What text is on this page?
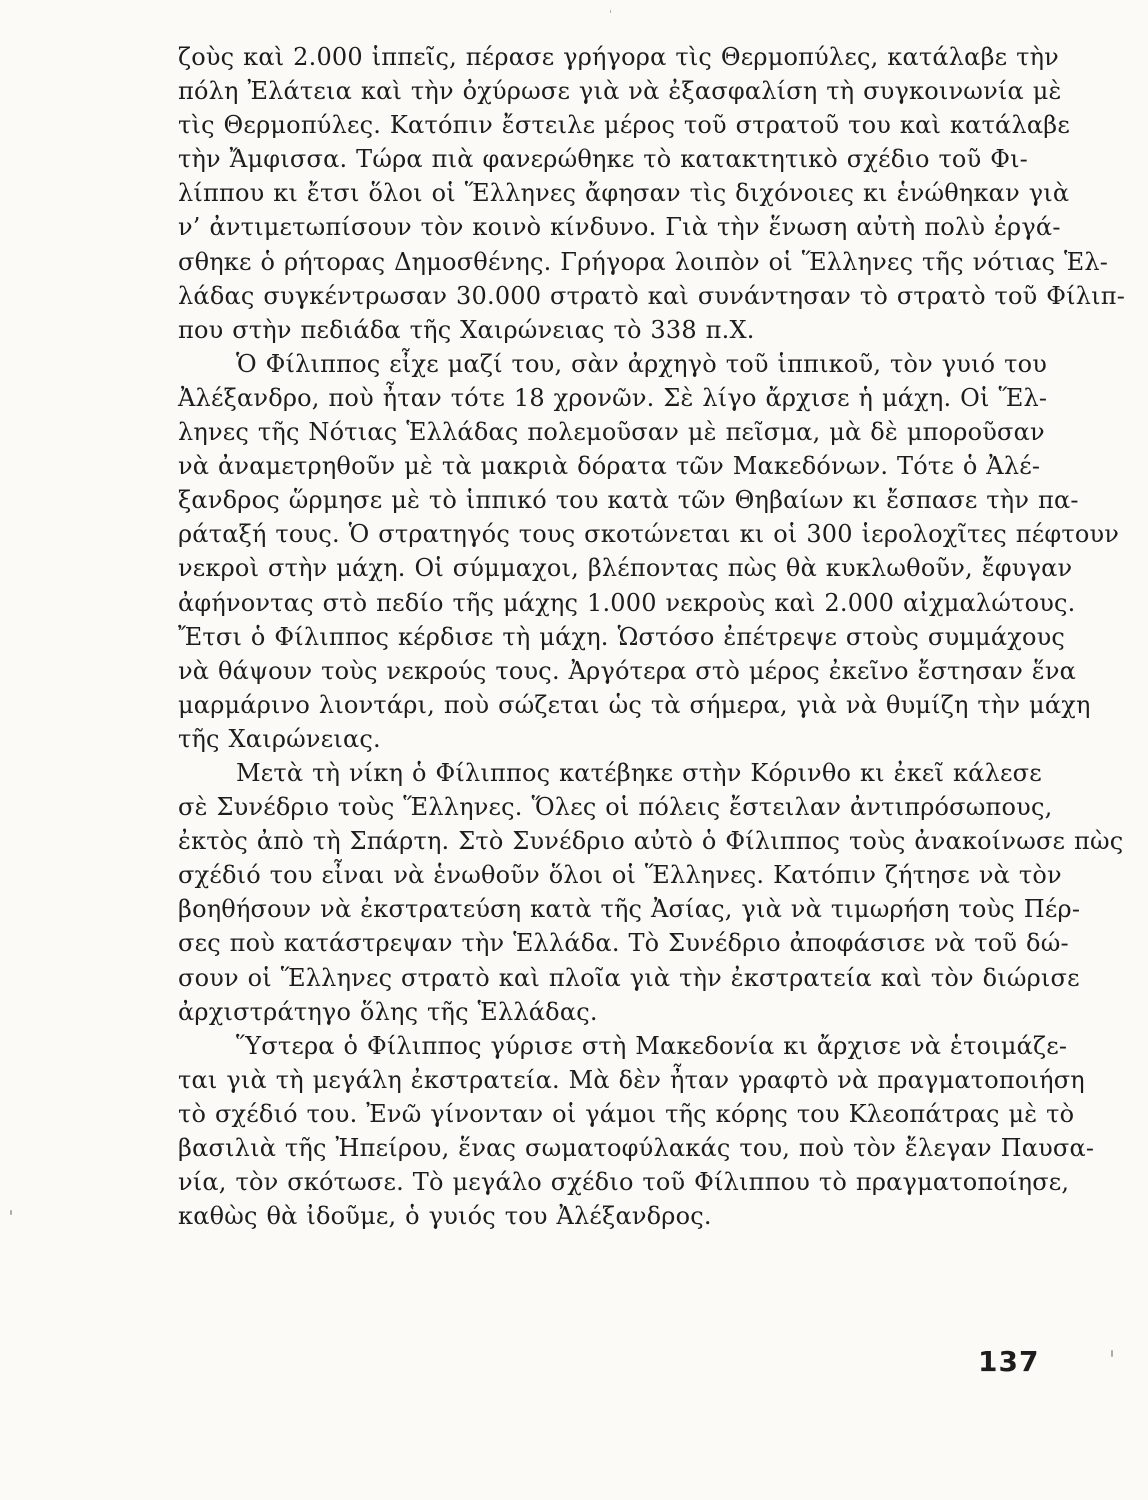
ζοὺς καὶ 2.000 ἱππεῖς, πέρασε γρήγορα τὶς Θερμοπύλες, κατάλαβε τὴν
πόλη Ἐλάτεια καὶ τὴν ὀχύρωσε γιὰ νὰ ἐξασφαλίση τὴ συγκοινωνία μὲ
τὶς Θερμοπύλες. Κατόπιν ἔστειλε μέρος τοῦ στρατοῦ του καὶ κατάλαβε
τὴν Ἄμφισσα. Τώρα πιὰ φανερώθηκε τὸ κατακτητικὸ σχέδιο τοῦ Φι-
λίππου κι ἔτσι ὅλοι οἱ Ἕλληνες ἄφησαν τὶς διχόνοιες κι ἑνώθηκαν γιὰ
ν’ ἀντιμετωπίσουν τὸν κοινὸ κίνδυνο. Γιὰ τὴν ἕνωση αὐτὴ πολὺ ἐργά-
σθηκε ὁ ρήτορας Δημοσθένης. Γρήγορα λοιπὸν οἱ Ἕλληνες τῆς νότιας Ἑλ-
λάδας συγκέντρωσαν 30.000 στρατὸ καὶ συνάντησαν τὸ στρατὸ τοῦ Φίλιπ-
που στὴν πεδιάδα τῆς Χαιρώνειας τὸ 338 π.Χ.

Ὁ Φίλιππος εἶχε μαζί του, σὰν ἀρχηγὸ τοῦ ἱππικοῦ, τὸν γυιό του
Ἀλέξανδρο, ποὺ ἦταν τότε 18 χρονῶν. Σὲ λίγο ἄρχισε ἡ μάχη. Οἱ Ἕλ-
ληνες τῆς Νότιας Ἑλλάδας πολεμοῦσαν μὲ πεῖσμα, μὰ δὲ μποροῦσαν
νὰ ἀναμετρηθοῦν μὲ τὰ μακριὰ δόρατα τῶν Μακεδόνων. Τότε ὁ Ἀλέ-
ξανδρος ὥρμησε μὲ τὸ ἱππικό του κατὰ τῶν Θηβαίων κι ἔσπασε τὴν πα-
ράταξή τους. Ὁ στρατηγός τους σκοτώνεται κι οἱ 300 ἱερολοχῖτες πέφτουν
νεκροὶ στὴν μάχη. Οἱ σύμμαχοι, βλέποντας πὼς θὰ κυκλωθοῦν, ἔφυγαν
ἀφήνοντας στὸ πεδίο τῆς μάχης 1.000 νεκροὺς καὶ 2.000 αἰχμαλώτους.
Ἔτσι ὁ Φίλιππος κέρδισε τὴ μάχη. Ὡστόσο ἐπέτρεψε στοὺς συμμάχους
νὰ θάψουν τοὺς νεκρούς τους. Ἀργότερα στὸ μέρος ἐκεῖνο ἔστησαν ἕνα
μαρμάρινο λιοντάρι, ποὺ σώζεται ὡς τὰ σήμερα, γιὰ νὰ θυμίζη τὴν μάχη
τῆς Χαιρώνειας.

Μετὰ τὴ νίκη ὁ Φίλιππος κατέβηκε στὴν Κόρινθο κι ἐκεῖ κάλεσε
σὲ Συνέδριο τοὺς Ἕλληνες. Ὅλες οἱ πόλεις ἔστειλαν ἀντιπρόσωπους,
ἐκτὸς ἀπὸ τὴ Σπάρτη. Στὸ Συνέδριο αὐτὸ ὁ Φίλιππος τοὺς ἀνακοίνωσε πὼς
σχέδιό του εἶναι νὰ ἑνωθοῦν ὅλοι οἱ Ἕλληνες. Κατόπιν ζήτησε νὰ τὸν
βοηθήσουν νὰ ἐκστρατεύση κατὰ τῆς Ἀσίας, γιὰ νὰ τιμωρήση τοὺς Πέρ-
σες ποὺ κατάστρεψαν τὴν Ἑλλάδα. Τὸ Συνέδριο ἀποφάσισε νὰ τοῦ δώ-
σουν οἱ Ἕλληνες στρατὸ καὶ πλοῖα γιὰ τὴν ἐκστρατεία καὶ τὸν διώρισε
ἀρχιστράτηγο ὅλης τῆς Ἑλλάδας.

Ὕστερα ὁ Φίλιππος γύρισε στὴ Μακεδονία κι ἄρχισε νὰ ἑτοιμάζε-
ται γιὰ τὴ μεγάλη ἐκστρατεία. Μὰ δὲν ἦταν γραφτὸ νὰ πραγματοποιήση
τὸ σχέδιό του. Ἐνῶ γίνονταν οἱ γάμοι τῆς κόρης του Κλεοπάτρας μὲ τὸ
βασιλιὰ τῆς Ἠπείρου, ἕνας σωματοφύλακάς του, ποὺ τὸν ἔλεγαν Παυσα-
νία, τὸν σκότωσε. Τὸ μεγάλο σχέδιο τοῦ Φίλιππου τὸ πραγματοποίησε,
καθὼς θὰ ἰδοῦμε, ὁ γυιός του Ἀλέξανδρος.

137
